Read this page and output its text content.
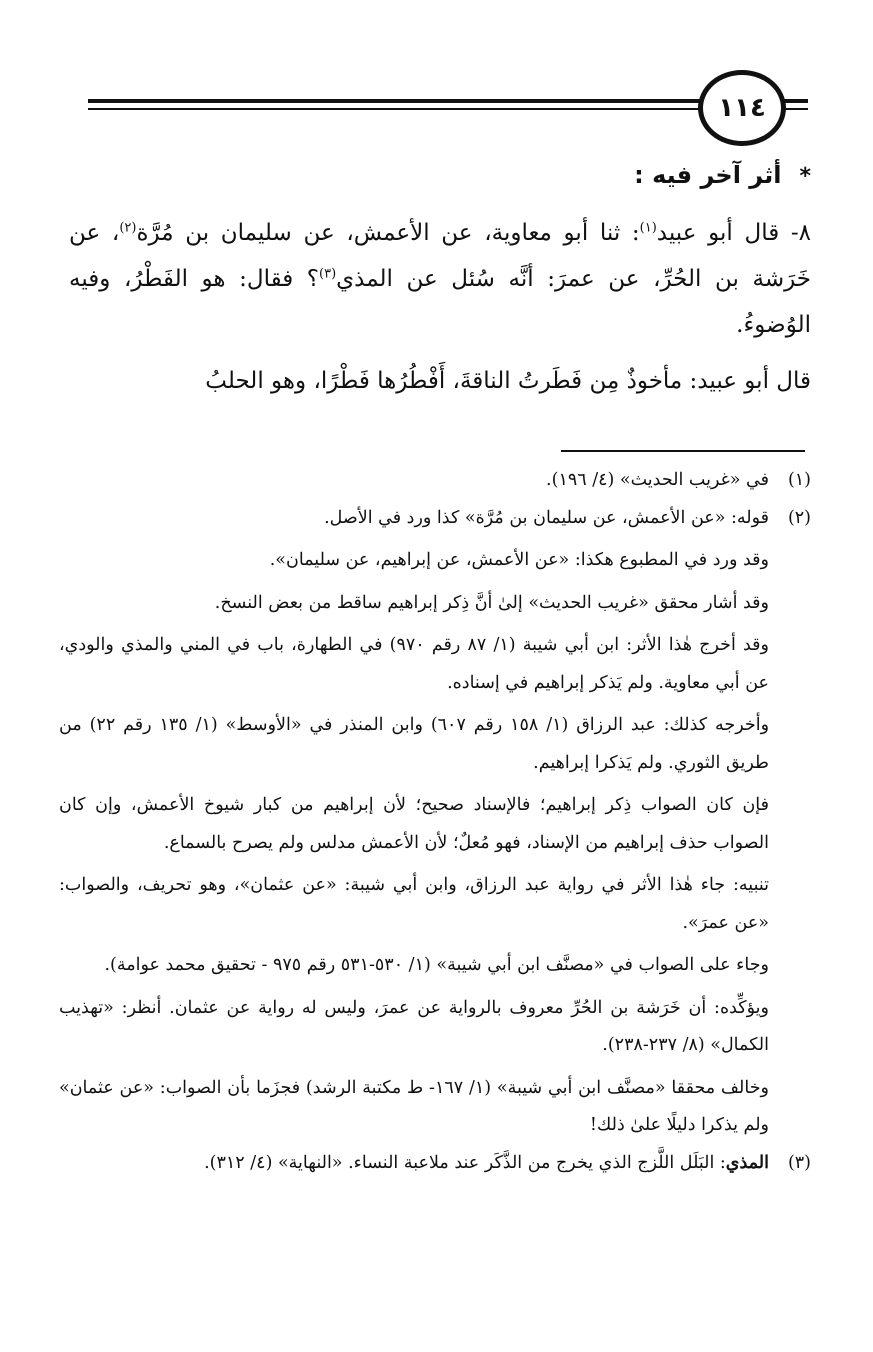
١١٤
*أثر آخر فيه :

٨- قال أبو عبيد$^{(١)}$: ثنا أبو معاوية، عن الأعمش، عن سليمان بن مُرَّة$^{(٢)}$، عن خَرَشة بن الحُرِّ، عن عمرَ: أنَّه سُئل عن المذي$^{(٣)}$؟ فقال: هو الفَطْرُ، وفيه الوُضوءُ.

قال أبو عبيد: مأخوذٌ مِن فَطَرتُ الناقةَ، أَفْطُرُها فَطْرًا، وهو الحلبُ

(١)

في «غريب الحديث» (٤/ ١٩٦).

(٢)

قوله: «عن الأعمش، عن سليمان بن مُرَّة» كذا ورد في الأصل.

وقد ورد في المطبوع هكذا: «عن الأعمش، عن إبراهيم، عن سليمان».

وقد أشار محقق «غريب الحديث» إلىٰ أنَّ ذِكر إبراهيم ساقط من بعض النسخ.

وقد أخرج هٰذا الأثر: ابن أبي شيبة (١/ ٨٧ رقم ٩٧٠) في الطهارة، باب في المني والمذي والودي، عن أبي معاوية. ولم يَذكر إبراهيم في إسناده.

وأخرجه كذلك: عبد الرزاق (١/ ١٥٨ رقم ٦٠٧) وابن المنذر في «الأوسط» (١/ ١٣٥ رقم ٢٢) من طريق الثوري. ولم يَذكرا إبراهيم.

فإن كان الصواب ذِكر إبراهيم؛ فالإسناد صحيح؛ لأن إبراهيم من كبار شيوخ الأعمش، وإن كان الصواب حذف إبراهيم من الإسناد، فهو مُعلٌ؛ لأن الأعمش مدلس ولم يصرح بالسماع.

تنبيه: جاء هٰذا الأثر في رواية عبد الرزاق، وابن أبي شيبة: «عن عثمان»، وهو تحريف، والصواب: «عن عمرَ».

وجاء على الصواب في «مصنَّف ابن أبي شيبة» (١/ ٥٣٠-٥٣١ رقم ٩٧٥ - تحقيق محمد عوامة).

ويؤكِّده: أن خَرَشة بن الحُرِّ معروف بالرواية عن عمرَ، وليس له رواية عن عثمان. أنظر: «تهذيب الكمال» (٨/ ٢٣٧-٢٣٨).

وخالف محققا «مصنَّف ابن أبي شيبة» (١/ ١٦٧- ط مكتبة الرشد) فجزَما بأن الصواب: «عن عثمان» ولم يذكرا دليلًا علىٰ ذلك!

(٣)

المذي: البَلَل اللَّزج الذي يخرج من الذَّكَر عند ملاعبة النساء. «النهاية» (٤/ ٣١٢).
